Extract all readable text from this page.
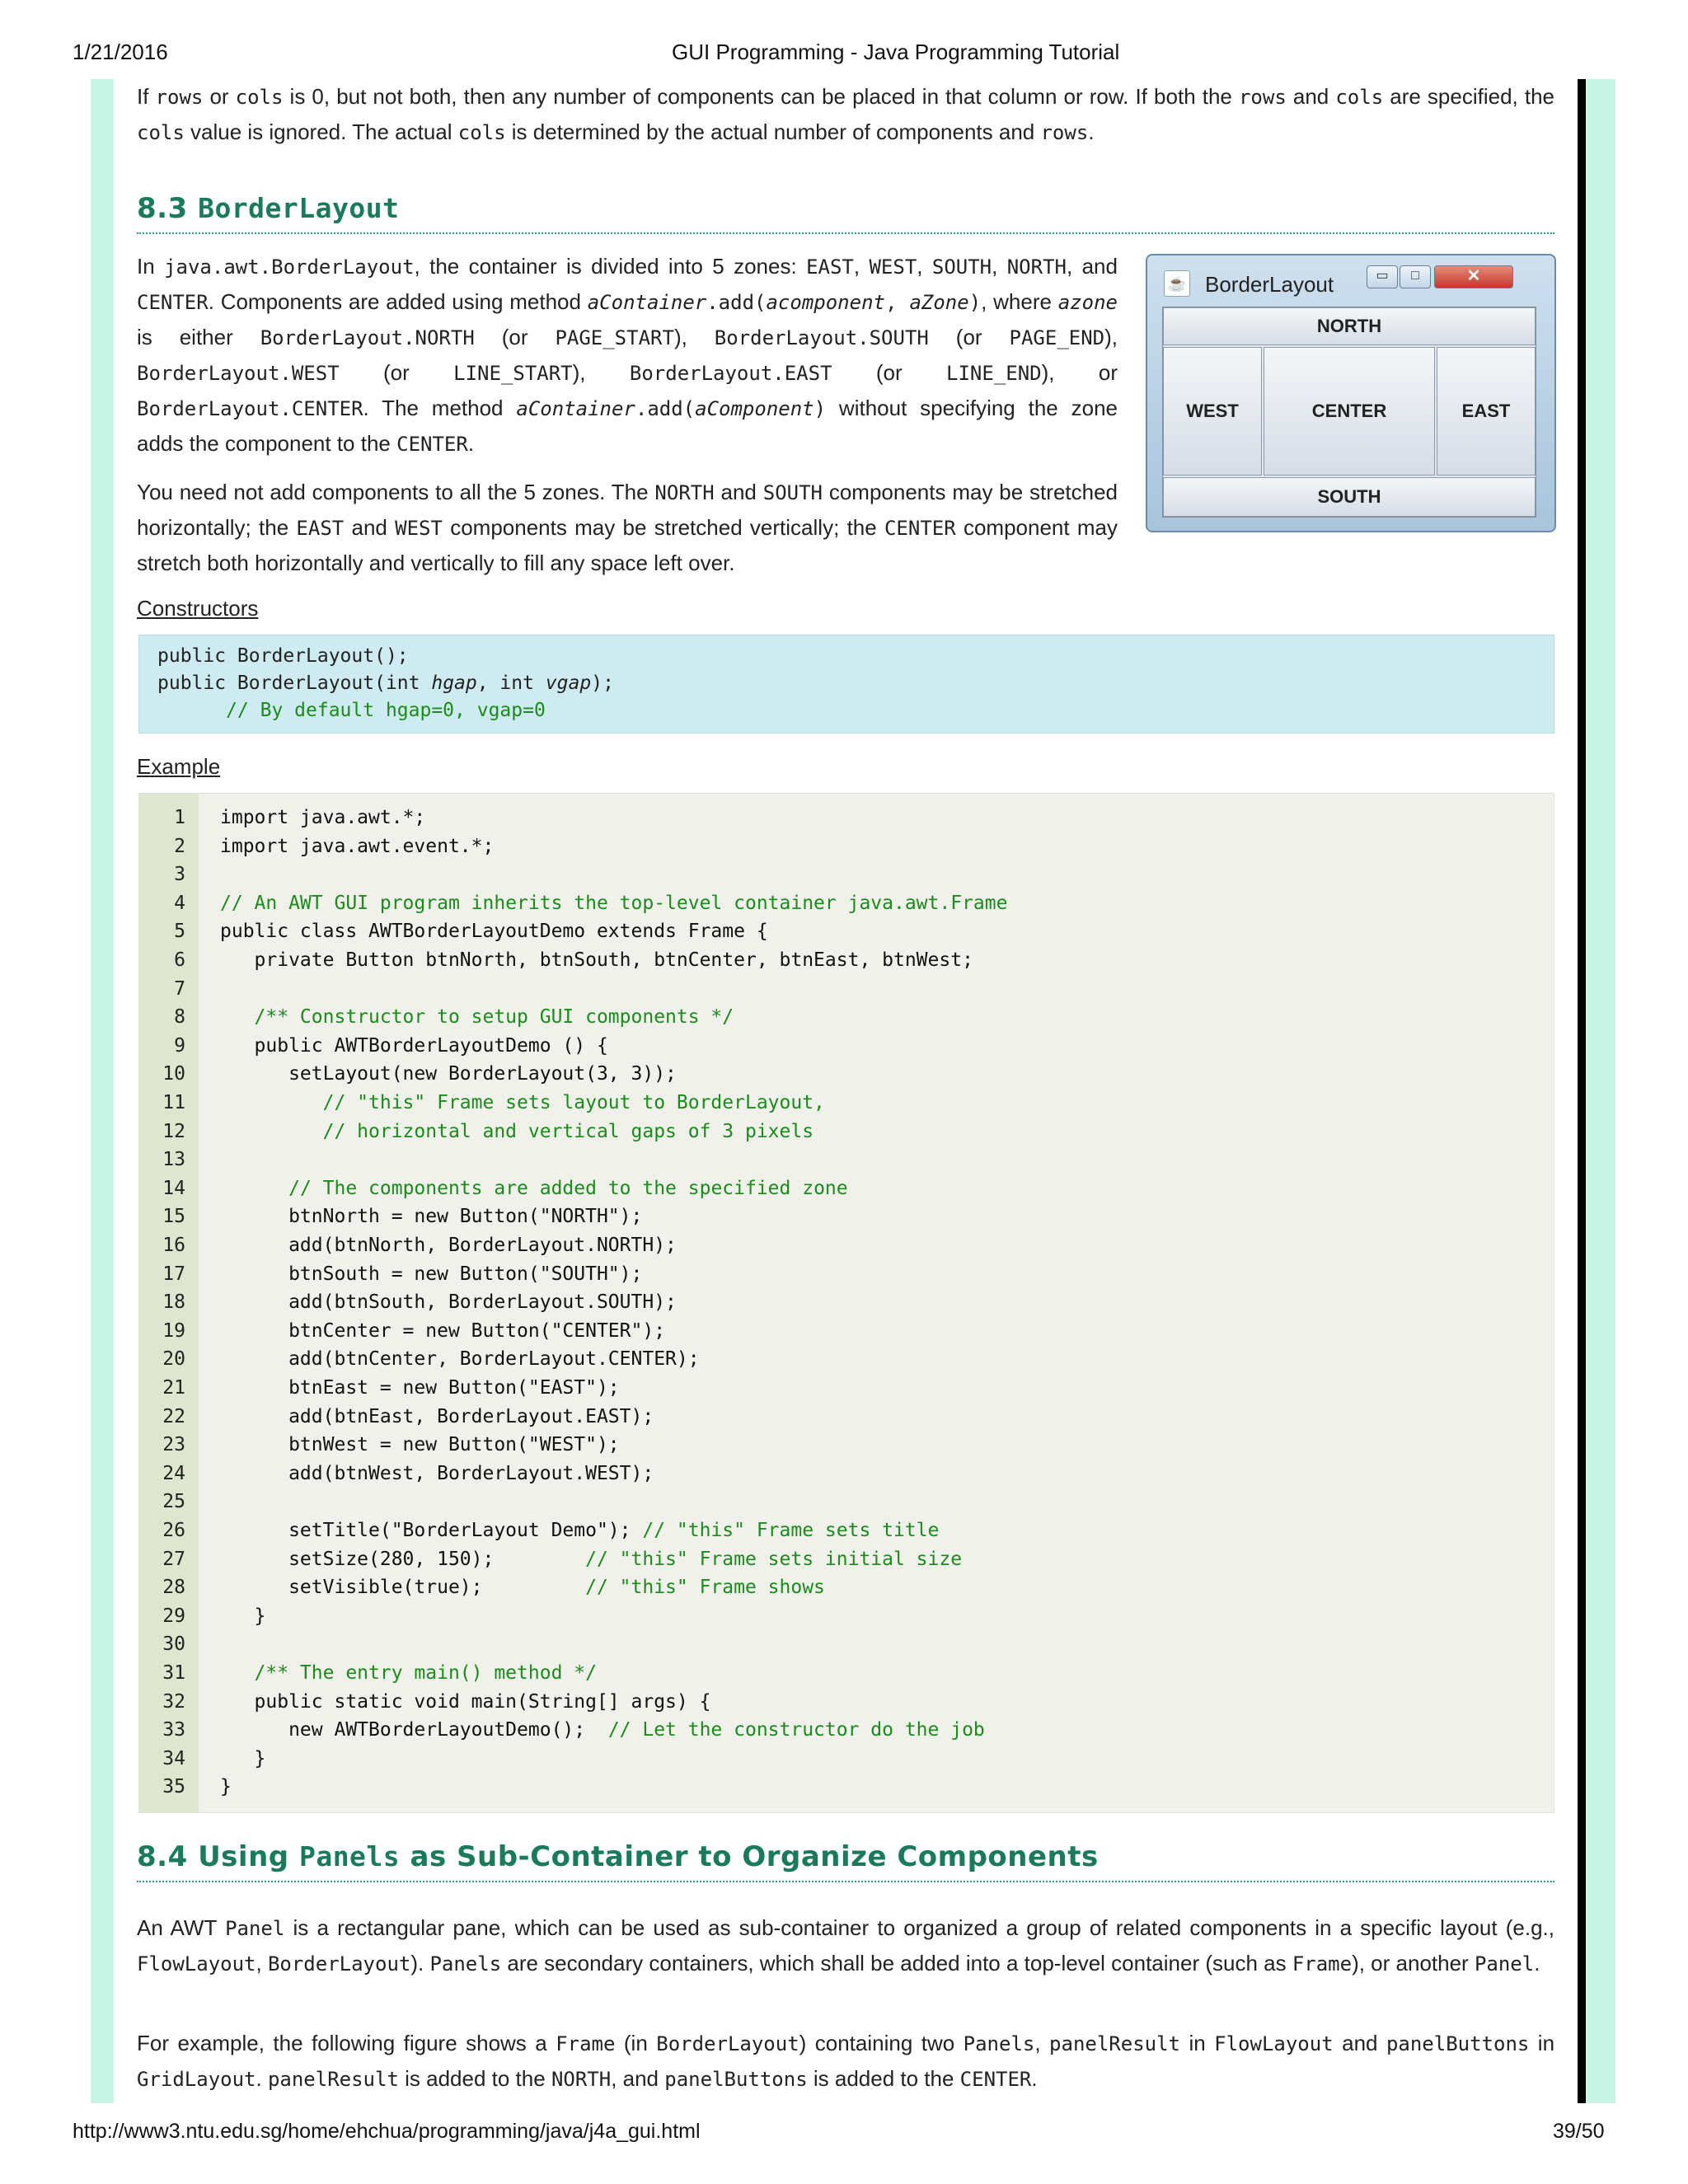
1/21/2016	GUI Programming - Java Programming Tutorial

If rows or cols is 0, but not both, then any number of components can be placed in that column or row. If both the rows and cols are specified, the cols value is ignored. The actual cols is determined by the actual number of components and rows.

8.3 BorderLayout

In java.awt.BorderLayout, the container is divided into 5 zones: EAST, WEST, SOUTH, NORTH, and CENTER. Components are added using method aContainer.add(acomponent, aZone), where azone is either BorderLayout.NORTH (or PAGE_START), BorderLayout.SOUTH (or PAGE_END), BorderLayout.WEST (or LINE_START), BorderLayout.EAST (or LINE_END), or BorderLayout.CENTER. The method aContainer.add(aComponent) without specifying the zone adds the component to the CENTER.

You need not add components to all the 5 zones. The NORTH and SOUTH components may be stretched horizontally; the EAST and WEST components may be stretched vertically; the CENTER component may stretch both horizontally and vertically to fill any space left over.

Constructors
Example
8.4 Using Panels as Sub-Container to Organize Components

An AWT Panel is a rectangular pane, which can be used as sub-container to organized a group of related components in a specific layout (e.g., FlowLayout, BorderLayout). Panels are secondary containers, which shall be added into a top-level container (such as Frame), or another Panel.

For example, the following figure shows a Frame (in BorderLayout) containing two Panels, panelResult in FlowLayout and panelButtons in GridLayout. panelResult is added to the NORTH, and panelButtons is added to the CENTER.

☕ BorderLayout	▭	□	✕
NORTH
WEST	CENTER	EAST
SOUTH
public BorderLayout();
public BorderLayout(int hgap, int vgap);
// By default hgap=0, vgap=0
1 import java.awt.*;
2 import java.awt.event.*;
3
4 // An AWT GUI program inherits the top-level container java.awt.Frame
5 public class AWTBorderLayoutDemo extends Frame {
6 private Button btnNorth, btnSouth, btnCenter, btnEast, btnWest;
7
8	/** Constructor to setup GUI components */
9 public AWTBorderLayoutDemo () {
10 setLayout(new BorderLayout(3, 3));
11	// "this" Frame sets layout to BorderLayout,
12	// horizontal and vertical gaps of 3 pixels
13
14	// The components are added to the specified zone
15 btnNorth = new Button("NORTH");
16 add(btnNorth, BorderLayout.NORTH);
17 btnSouth = new Button("SOUTH");
18 add(btnSouth, BorderLayout.SOUTH);
19 btnCenter = new Button("CENTER");
20 add(btnCenter, BorderLayout.CENTER);
21 btnEast = new Button("EAST");
22 add(btnEast, BorderLayout.EAST);
23 btnWest = new Button("WEST");
24 add(btnWest, BorderLayout.WEST);
25
26 setTitle("BorderLayout Demo"); // "this" Frame sets title
27 setSize(280, 150);        // "this" Frame sets initial size
28 setVisible(true);         // "this" Frame shows
29 }
30
31	/** The entry main() method */
32 public static void main(String[] args) {
33 new AWTBorderLayoutDemo();  // Let the constructor do the job
34 }
35 }
http://www3.ntu.edu.sg/home/ehchua/programming/java/j4a_gui.html	39/50
